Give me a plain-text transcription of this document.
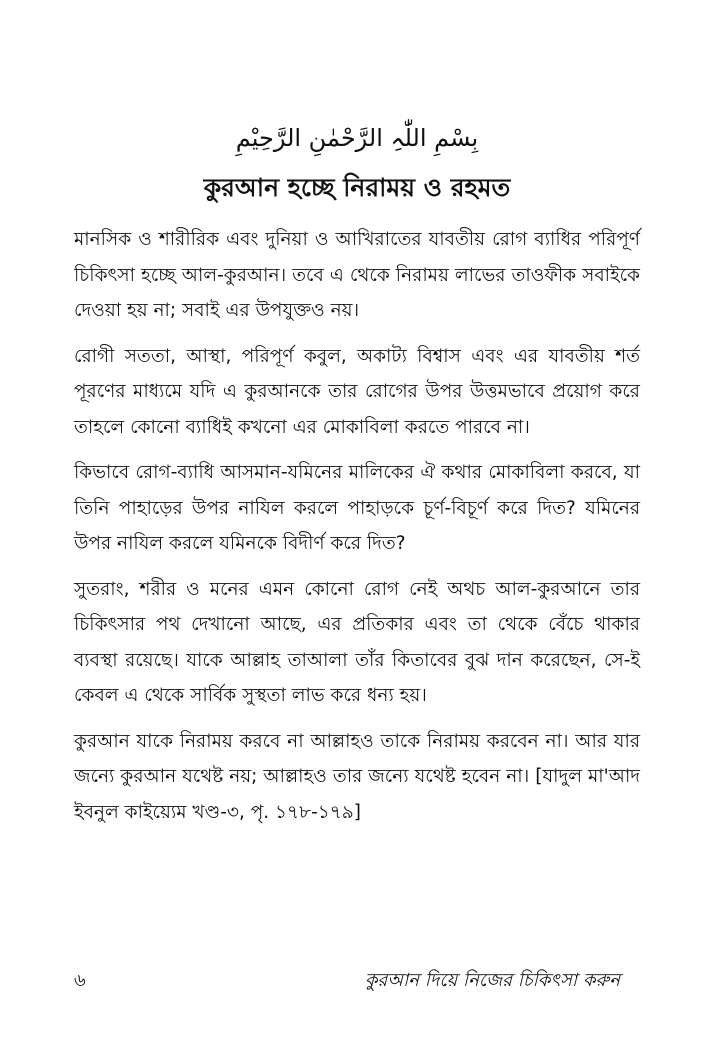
بِسْمِ اللّٰہِ الرَّحْمٰنِ الرَّحِیْمِ
কুরআন হচ্ছে নিরাময় ও রহমত

মানসিক ও শারীরিক এবং দুনিয়া ও আখিরাতের যাবতীয় রোগ ব্যাধির পরিপূর্ণ চিকিৎসা হচ্ছে আল-কুরআন। তবে এ থেকে নিরাময় লাভের তাওফীক সবাইকে দেওয়া হয় না; সবাই এর উপযুক্তও নয়।

রোগী সততা, আস্থা, পরিপূর্ণ কবুল, অকাট্য বিশ্বাস এবং এর যাবতীয় শর্ত পূরণের মাধ্যমে যদি এ কুরআনকে তার রোগের উপর উত্তমভাবে প্রয়োগ করে তাহলে কোনো ব্যাধিই কখনো এর মোকাবিলা করতে পারবে না।

কিভাবে রোগ-ব্যাধি আসমান-যমিনের মালিকের ঐ কথার মোকাবিলা করবে, যা তিনি পাহাড়ের উপর নাযিল করলে পাহাড়কে চূর্ণ-বিচূর্ণ করে দিত? যমিনের উপর নাযিল করলে যমিনকে বিদীর্ণ করে দিত?

সুতরাং, শরীর ও মনের এমন কোনো রোগ নেই অথচ আল-কুরআনে তার চিকিৎসার পথ দেখানো আছে, এর প্রতিকার এবং তা থেকে বেঁচে থাকার ব্যবস্থা রয়েছে। যাকে আল্লাহ তাআলা তাঁর কিতাবের বুঝ দান করেছেন, সে-ই কেবল এ থেকে সার্বিক সুস্থতা লাভ করে ধন্য হয়।

কুরআন যাকে নিরাময় করবে না আল্লাহও তাকে নিরাময় করবেন না। আর যার জন্যে কুরআন যথেষ্ট নয়; আল্লাহও তার জন্যে যথেষ্ট হবেন না। [যাদুল মা'আদ ইবনুল কাইয়্যেম খণ্ড-৩, পৃ. ১৭৮-১৭৯]

৬	কুরআন দিয়ে নিজের চিকিৎসা করুন
